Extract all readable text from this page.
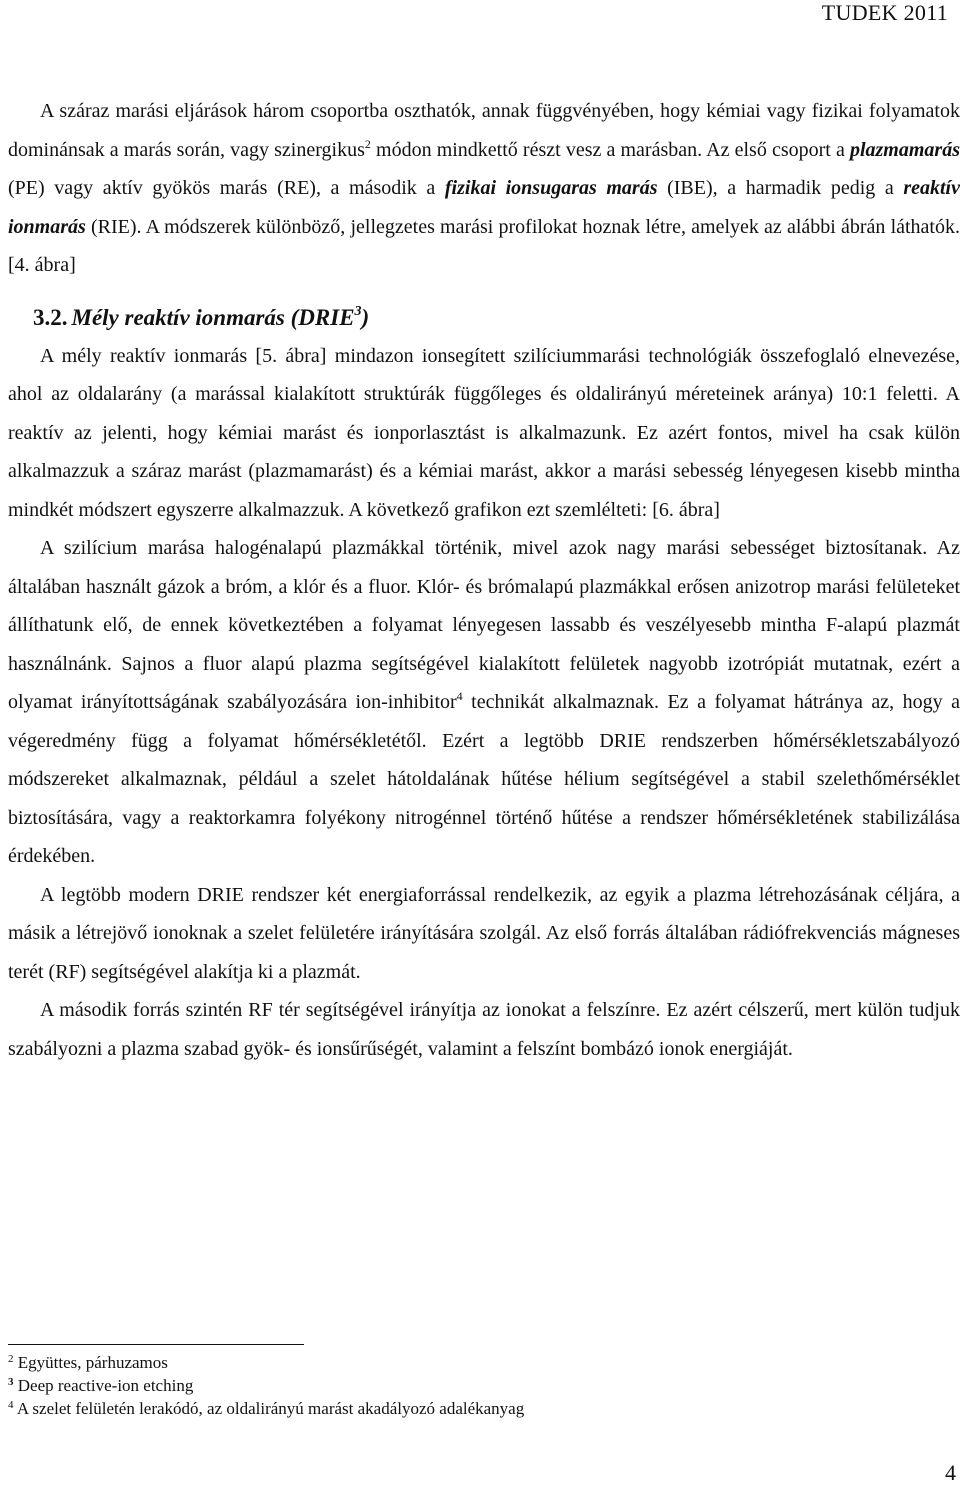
TUDEK 2011

A száraz marási eljárások három csoportba oszthatók, annak függvényében, hogy kémiai vagy fizikai folyamatok dominánsak a marás során, vagy szinergikus$^2$ módon mindkettő részt vesz a marásban. Az első csoport a plazmamarás (PE) vagy aktív gyökös marás (RE), a második a fizikai ionsugaras marás (IBE), a harmadik pedig a reaktív ionmarás (RIE). A módszerek különböző, jellegzetes marási profilokat hoznak létre, amelyek az alábbi ábrán láthatók. [4. ábra]

3.2. Mély reaktív ionmarás (DRIE$^3$)

A mély reaktív ionmarás [5. ábra] mindazon ionsegített szilíciummarási technológiák összefoglaló elnevezése, ahol az oldalarány (a marással kialakított struktúrák függőleges és oldalirányú méreteinek aránya) 10:1 feletti. A reaktív az jelenti, hogy kémiai marást és ionporlasztást is alkalmazunk. Ez azért fontos, mivel ha csak külön alkalmazzuk a száraz marást (plazmamarást) és a kémiai marást, akkor a marási sebesség lényegesen kisebb mintha mindkét módszert egyszerre alkalmazzuk. A következő grafikon ezt szemlélteti: [6. ábra]

A szilícium marása halogénalapú plazmákkal történik, mivel azok nagy marási sebességet biztosítanak. Az általában használt gázok a bróm, a klór és a fluor. Klór- és brómalapú plazmákkal erősen anizotrop marási felületeket állíthatunk elő, de ennek következtében a folyamat lényegesen lassabb és veszélyesebb mintha F-alapú plazmát használnánk. Sajnos a fluor alapú plazma segítségével kialakított felületek nagyobb izotrópiát mutatnak, ezért a olyamat irányítottságának szabályozására ion-inhibitor$^4$ technikát alkalmaznak. Ez a folyamat hátránya az, hogy a végeredmény függ a folyamat hőmérsékletétől. Ezért a legtöbb DRIE rendszerben hőmérsékletszabályozó módszereket alkalmaznak, például a szelet hátoldalának hűtése hélium segítségével a stabil szelethőmérséklet biztosítására, vagy a reaktorkamra folyékony nitrogénnel történő hűtése a rendszer hőmérsékletének stabilizálása érdekében.

A legtöbb modern DRIE rendszer két energiaforrással rendelkezik, az egyik a plazma létrehozásának céljára, a másik a létrejövő ionoknak a szelet felületére irányítására szolgál. Az első forrás általában rádiófrekvenciás mágneses terét (RF) segítségével alakítja ki a plazmát.

A második forrás szintén RF tér segítségével irányítja az ionokat a felszínre. Ez azért célszerű, mert külön tudjuk szabályozni a plazma szabad gyök- és ionsűrűségét, valamint a felszínt bombázó ionok energiáját.

$^2$ Együttes, párhuzamos

$^3$ Deep reactive-ion etching

$^4$ A szelet felületén lerakódó, az oldalirányú marást akadályozó adalékanyag

4
